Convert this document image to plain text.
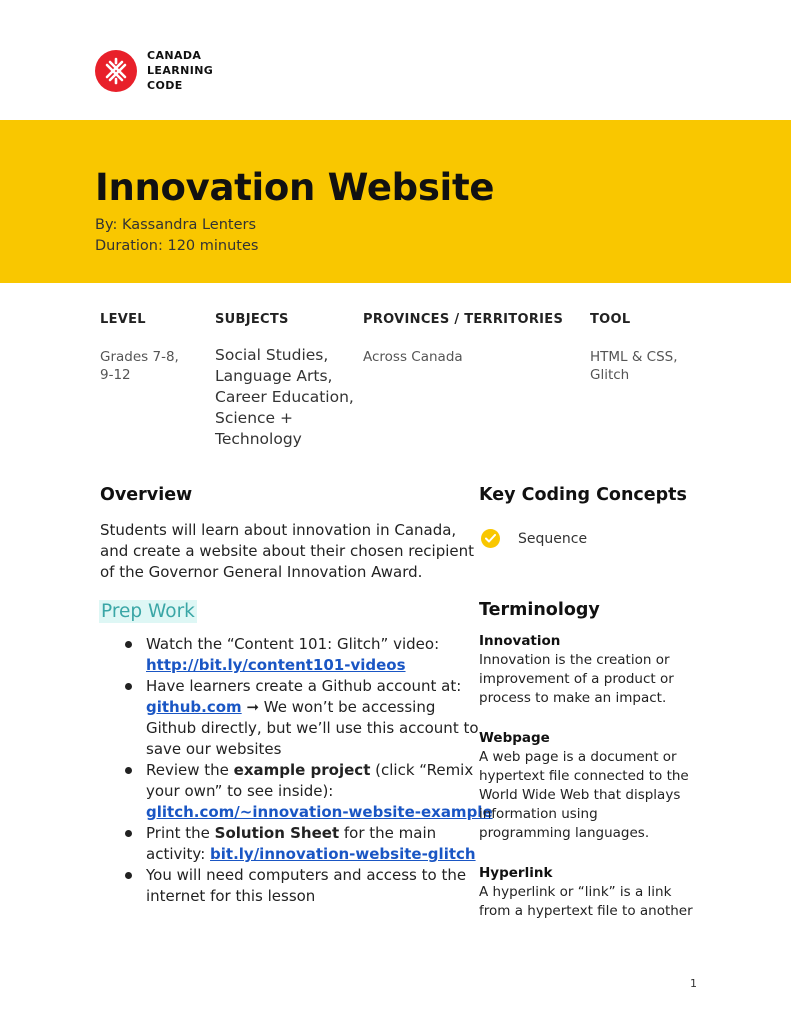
CANADA
LEARNING
CODE
Innovation Website
By: Kassandra Lenters
Duration: 120 minutes
LEVEL
Grades 7-8,
9-12
SUBJECTS
Social Studies,
Language Arts,
Career Education,
Science +
Technology
PROVINCES / TERRITORIES
Across Canada
TOOL
HTML & CSS,
Glitch
Overview
Students will learn about innovation in Canada,
and create a website about their chosen recipient
of the Governor General Innovation Award.
Prep Work
Watch the “Content 101: Glitch” video:
http://bit.ly/content101-videos
Have learners create a Github account at:
github.com ➞ We won’t be accessing
Github directly, but we’ll use this account to
save our websites
Review the example project (click “Remix
your own” to see inside):
glitch.com/~innovation-website-example
Print the Solution Sheet for the main
activity: bit.ly/innovation-website-glitch
You will need computers and access to the
internet for this lesson
Key Coding Concepts
Sequence
Terminology
Innovation
Innovation is the creation or
improvement of a product or
process to make an impact.
Webpage
A web page is a document or
hypertext file connected to the
World Wide Web that displays
information using
programming languages.
Hyperlink
A hyperlink or “link” is a link
from a hypertext file to another
1
